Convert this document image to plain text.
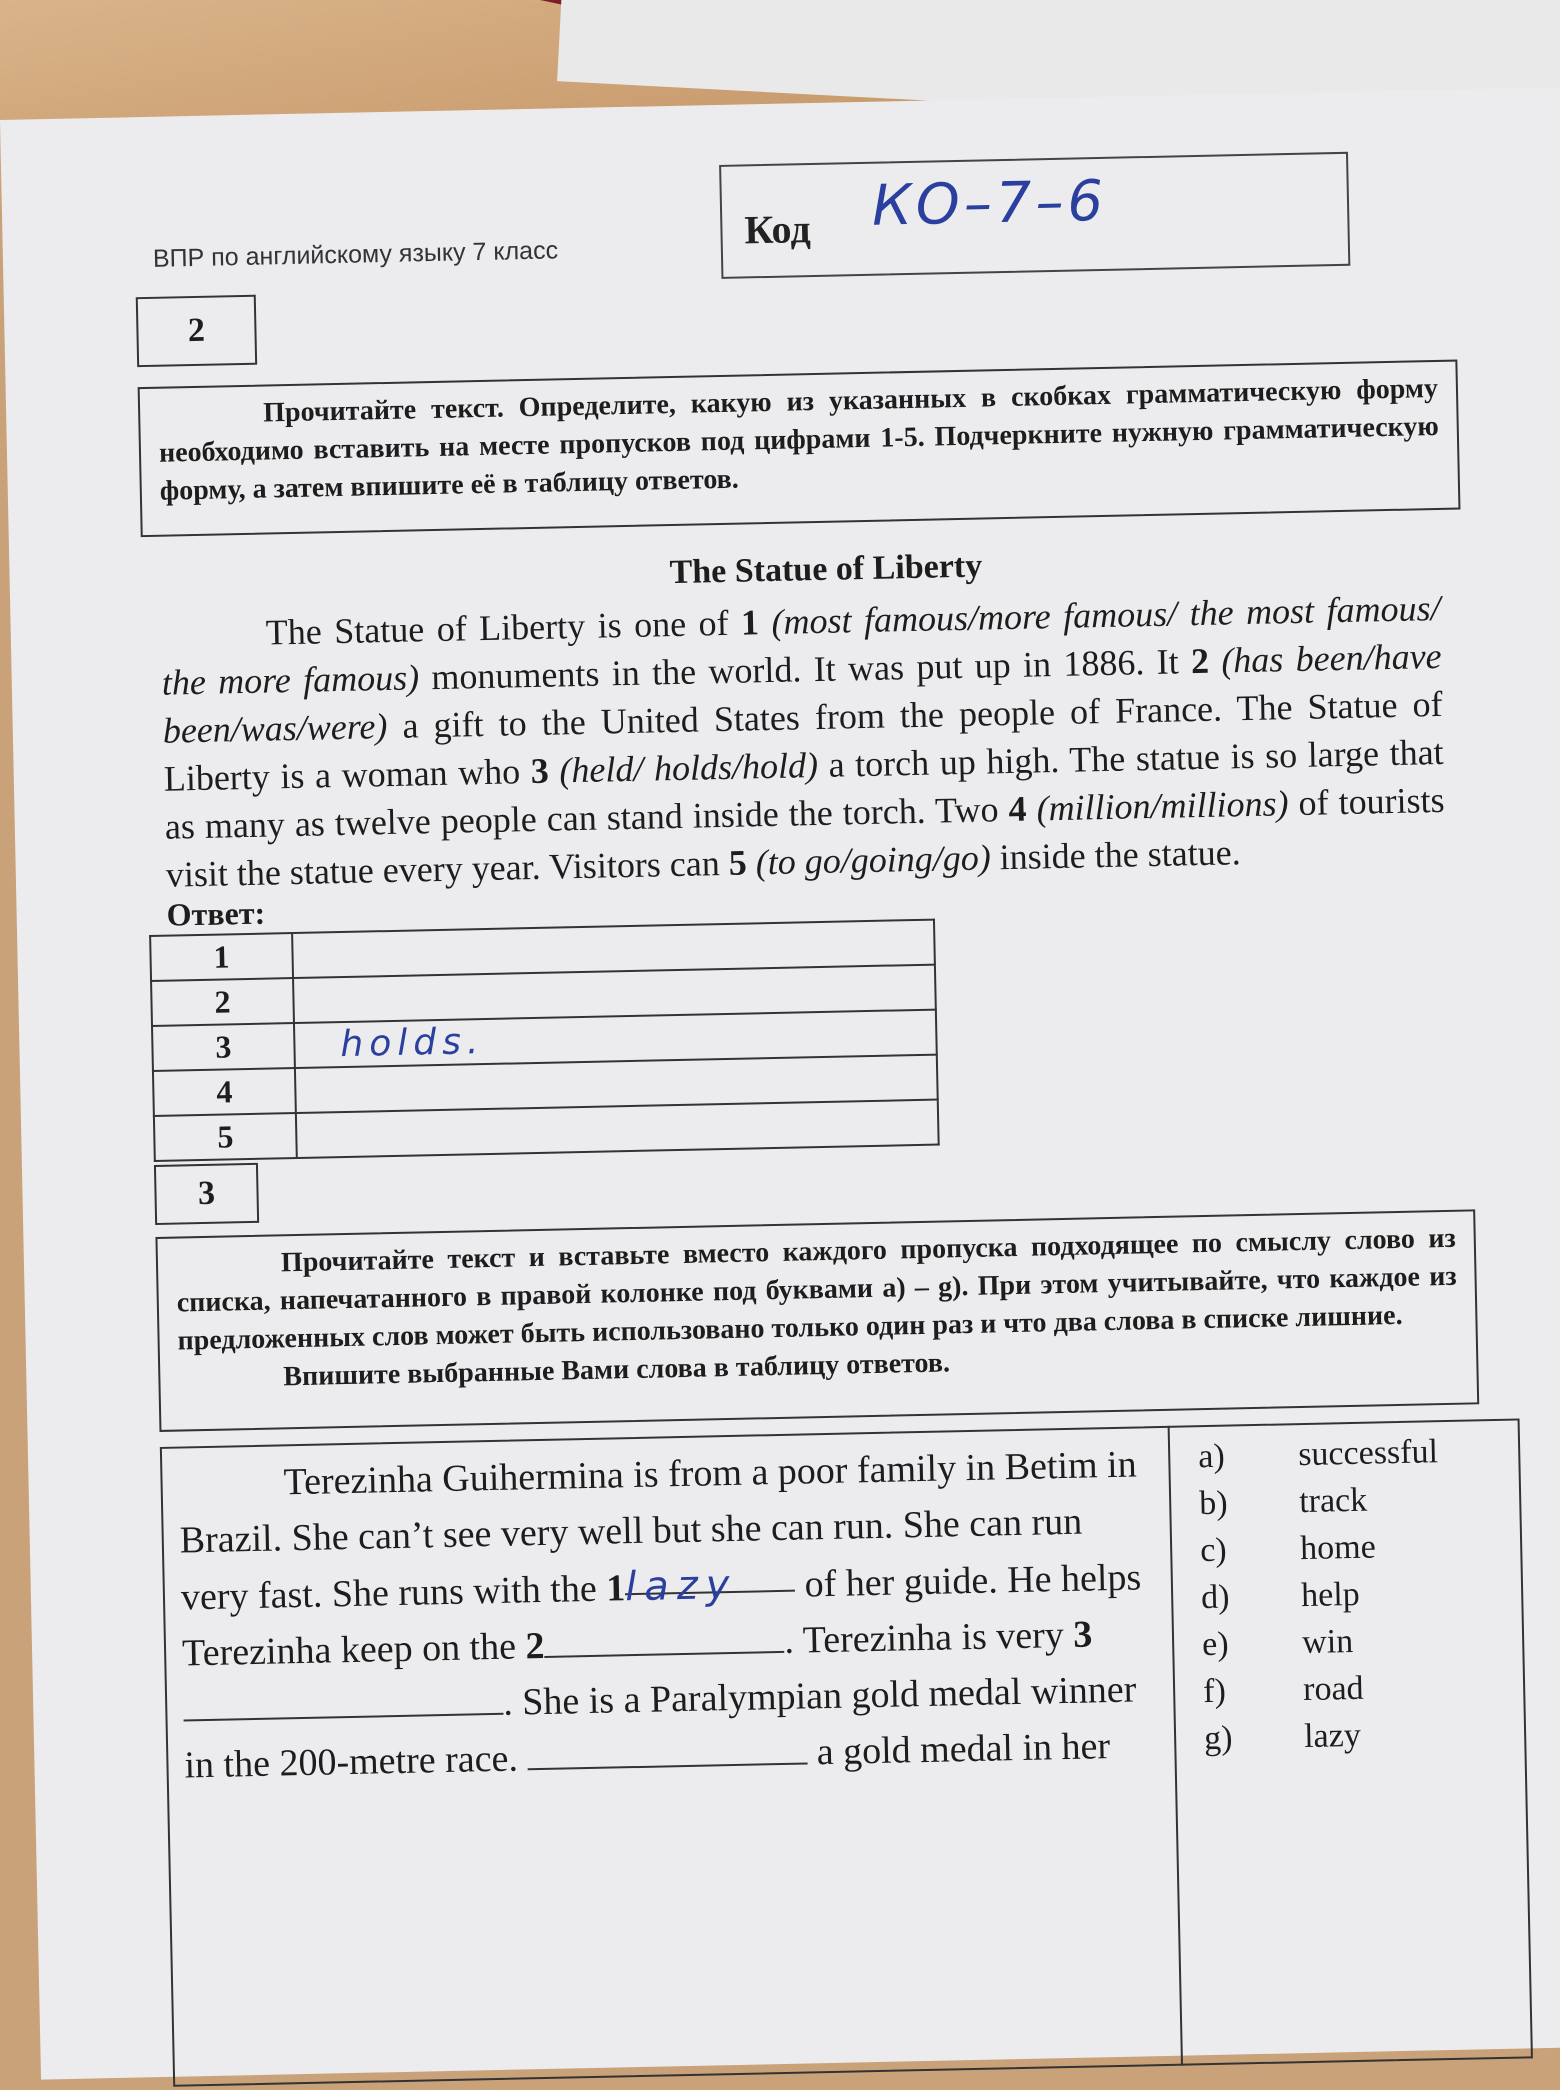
ВПР по английскому языку 7 класс
Код КО–7–6
2
Прочитайте текст. Определите, какую из указанных в скобках грамматическую форму необходимо вставить на месте пропусков под цифрами 1-5. Подчеркните нужную грамматическую форму, а затем впишите её в таблицу ответов.
The Statue of Liberty
The Statue of Liberty is one of 1 (most famous/more famous/ the most famous/ the more famous) monuments in the world. It was put up in 1886. It 2 (has been/have been/was/were) a gift to the United States from the people of France. The Statue of Liberty is a woman who 3 (held/ holds/hold) a torch up high. The statue is so large that as many as twelve people can stand inside the torch. Two 4 (million/millions) of tourists visit the statue every year. Visitors can 5 (to go/going/go) inside the statue.
Ответ:
1	
2	
3	holds.
4	
5	
3
Прочитайте текст и вставьте вместо каждого пропуска подходящее по смыслу слово из списка, напечатанного в правой колонке под буквами a) – g). При этом учитывайте, что каждое из предложенных слов может быть использовано только один раз и что два слова в списке лишние.
Впишите выбранные Вами слова в таблицу ответов.
Terezinha Guihermina is from a poor family in Betim in Brazil. She can’t see very well but she can run. She can run very fast. She runs with the 1lazy of her guide. He helps Terezinha keep on the 2	. Terezinha is very 3 . She is a Paralympian gold medal winner in the 200-metre race.	a gold medal in her
a)	successful
b)	track
c)	home
d)	help
e)	win
f)	road
g)	lazy
